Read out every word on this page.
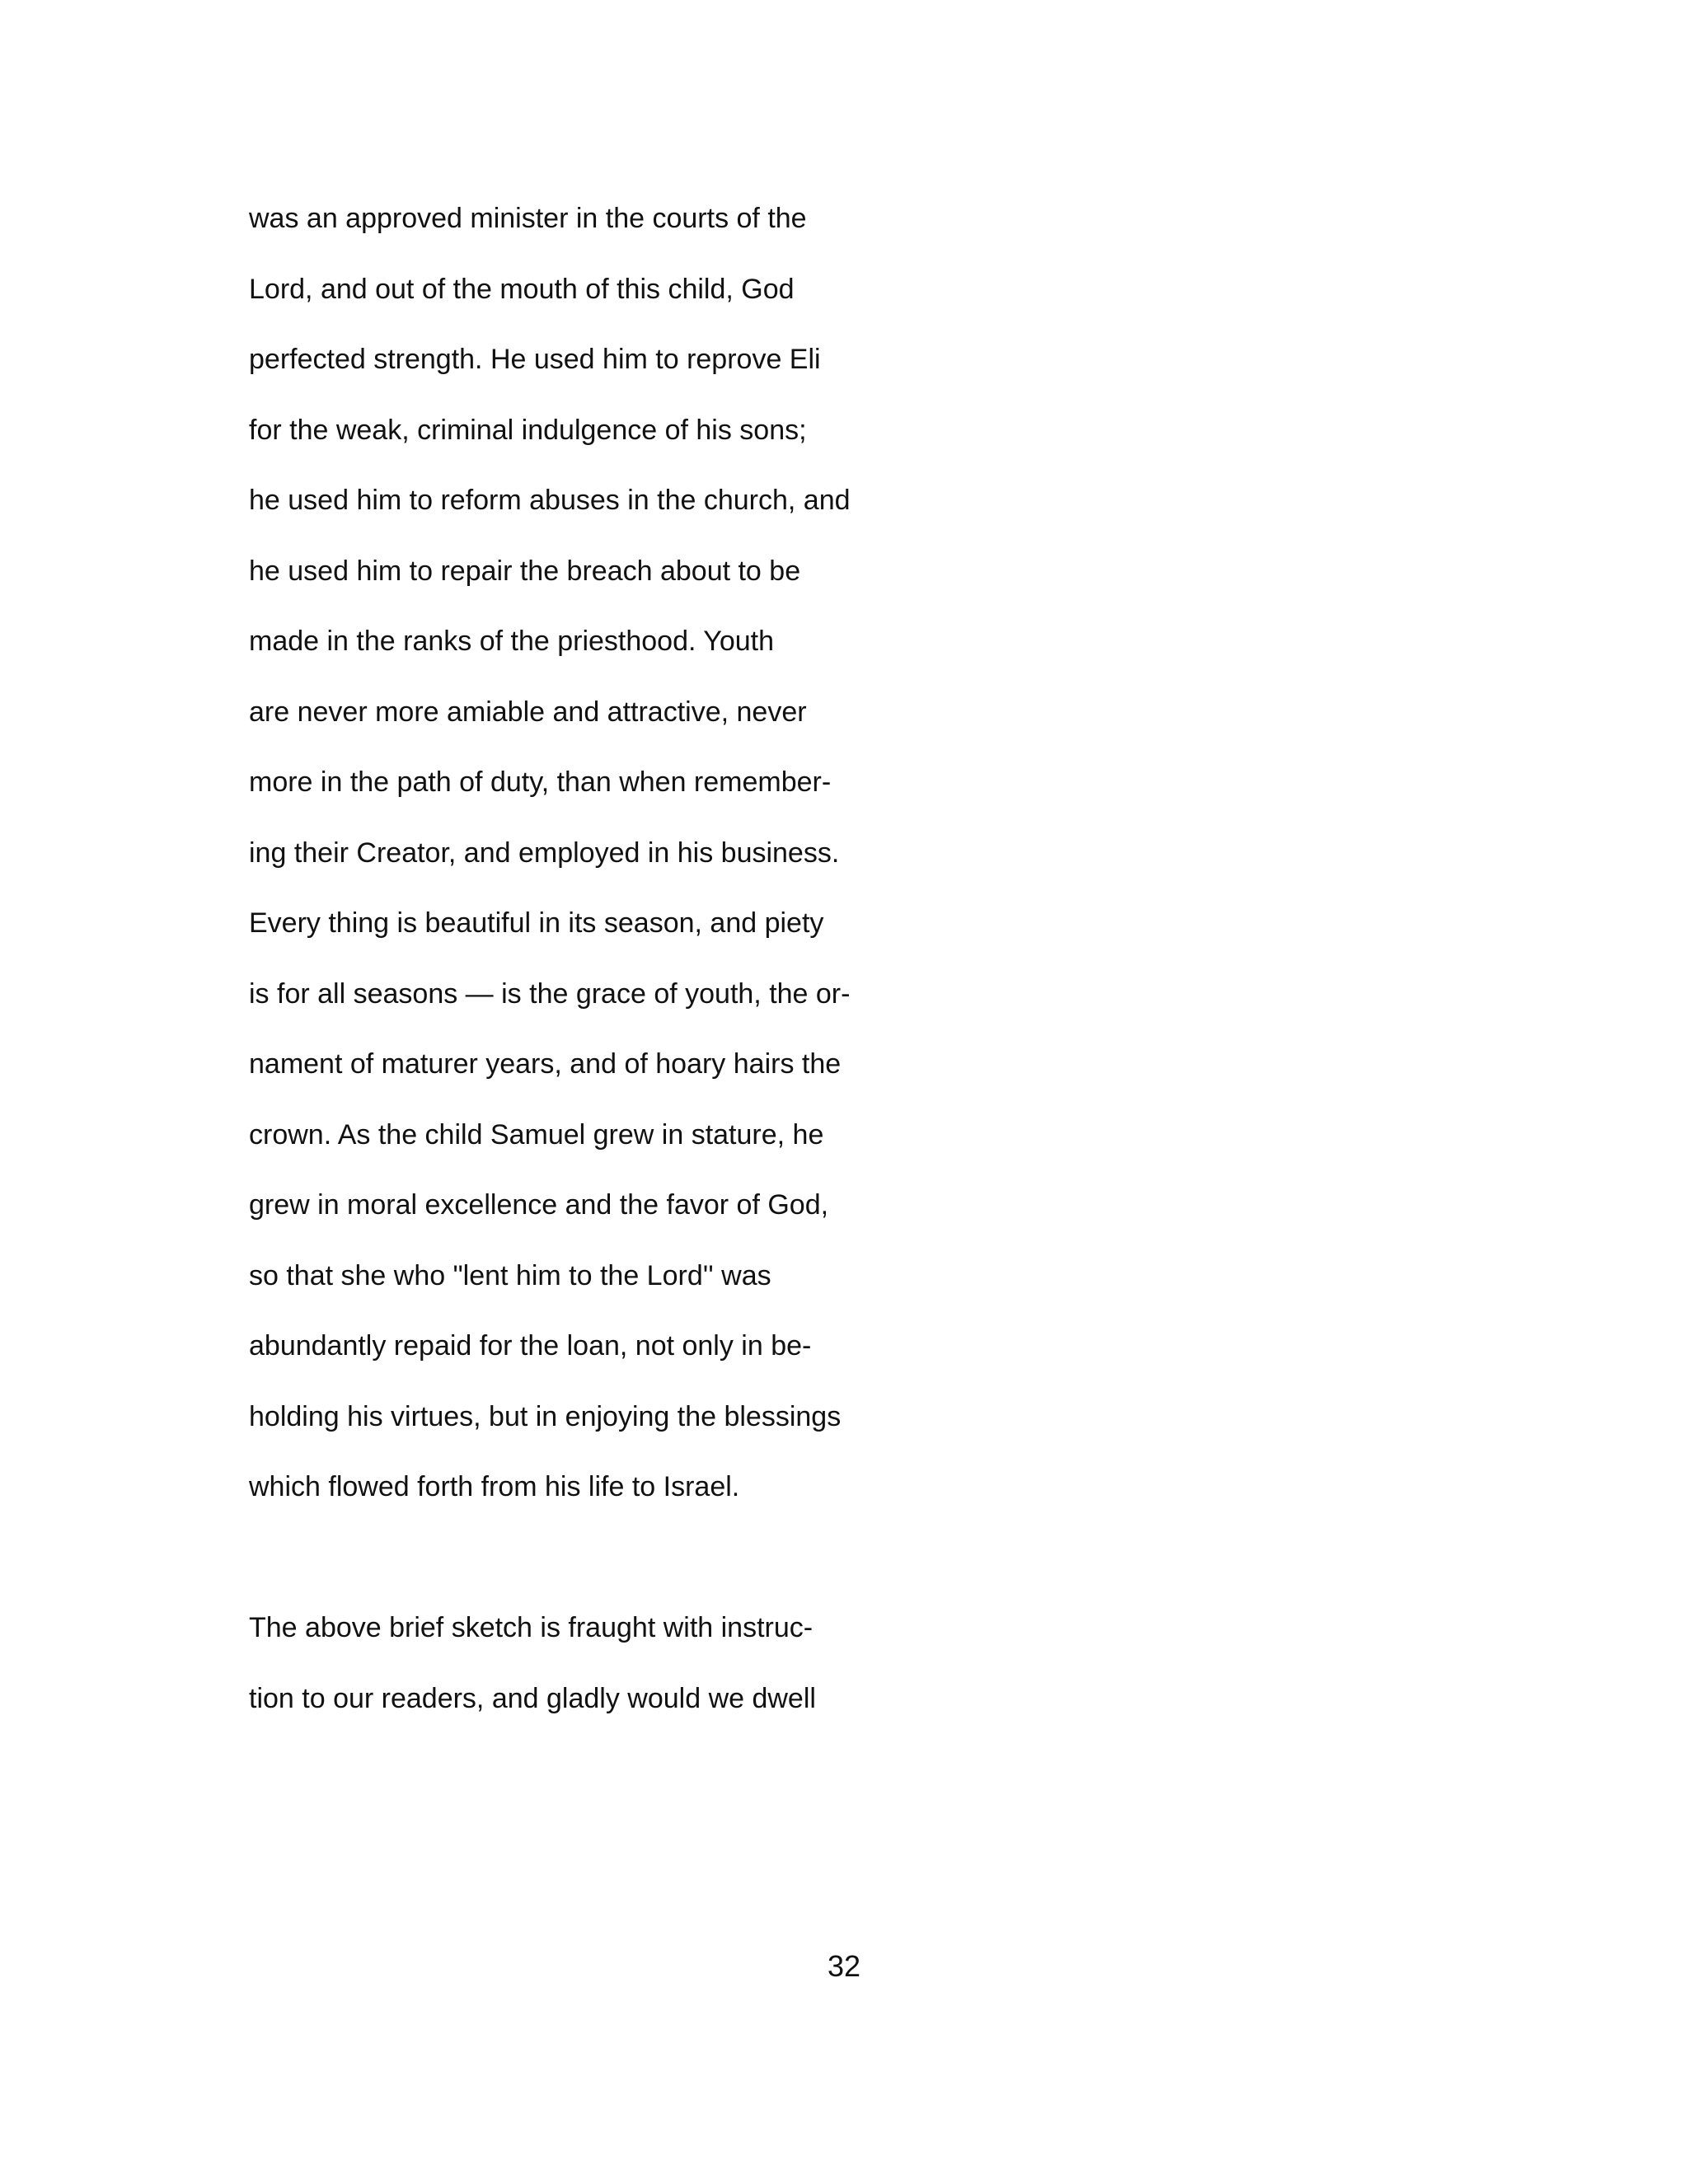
was an approved minister in the courts of the
Lord, and out of the mouth of this child, God
perfected strength. He used him to reprove Eli
for the weak, criminal indulgence of his sons;
he used him to reform abuses in the church, and
he used him to repair the breach about to be
made in the ranks of the priesthood. Youth
are never more amiable and attractive, never
more in the path of duty, than when remember-
ing their Creator, and employed in his business.
Every thing is beautiful in its season, and piety
is for all seasons — is the grace of youth, the or-
nament of maturer years, and of hoary hairs the
crown. As the child Samuel grew in stature, he
grew in moral excellence and the favor of God,
so that she who "lent him to the Lord'' was
abundantly repaid for the loan, not only in be-
holding his virtues, but in enjoying the blessings
which flowed forth from his life to Israel.
The above brief sketch is fraught with instruc-
tion to our readers, and gladly would we dwell
32
